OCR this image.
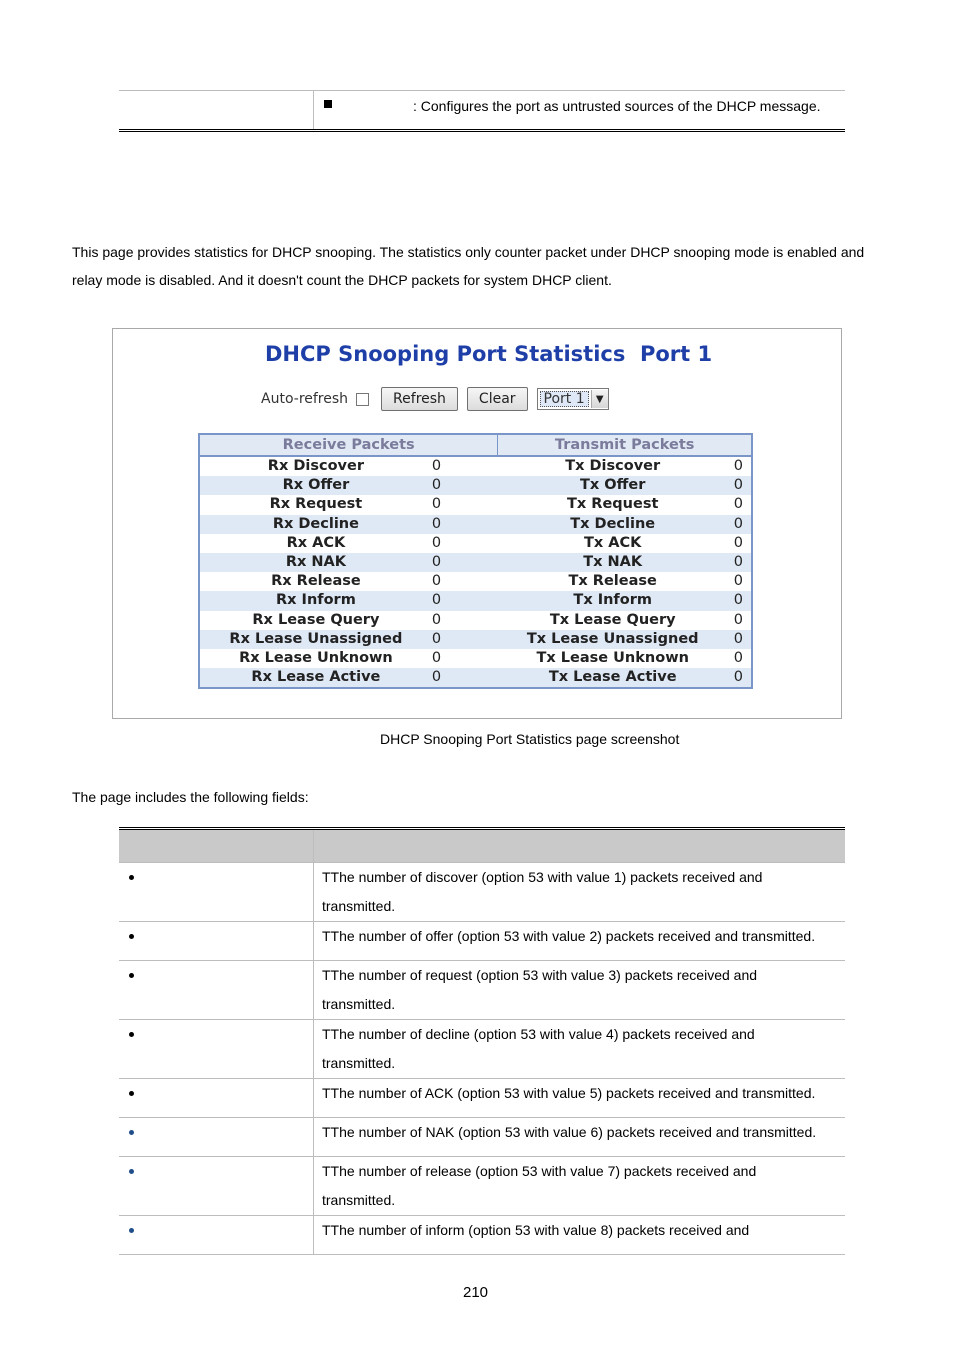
: Configures the port as untrusted sources of the DHCP message.
This page provides statistics for DHCP snooping. The statistics only counter packet under DHCP snooping mode is enabled and relay mode is disabled. And it doesn't count the DHCP packets for system DHCP client.
DHCP Snooping Port Statistics  Port 1
Auto-refresh	Refresh	Clear	Port 1	▼
Receive Packets		Transmit Packets	
Rx Discover	0	Tx Discover	0
Rx Offer	0	Tx Offer	0
Rx Request	0	Tx Request	0
Rx Decline	0	Tx Decline	0
Rx ACK	0	Tx ACK	0
Rx NAK	0	Tx NAK	0
Rx Release	0	Tx Release	0
Rx Inform	0	Tx Inform	0
Rx Lease Query	0	Tx Lease Query	0
Rx Lease Unassigned	0	Tx Lease Unassigned	0
Rx Lease Unknown	0	Tx Lease Unknown	0
Rx Lease Active	0	Tx Lease Active	0
DHCP Snooping Port Statistics page screenshot
The page includes the following fields:

	TThe number of discover (option 53 with value 1) packets received and
transmitted.

	TThe number of offer (option 53 with value 2) packets received and transmitted.

	TThe number of request (option 53 with value 3) packets received and
transmitted.

	TThe number of decline (option 53 with value 4) packets received and
transmitted.

	TThe number of ACK (option 53 with value 5) packets received and transmitted.

	TThe number of NAK (option 53 with value 6) packets received and transmitted.

	TThe number of release (option 53 with value 7) packets received and
transmitted.

	TThe number of inform (option 53 with value 8) packets received and
210
